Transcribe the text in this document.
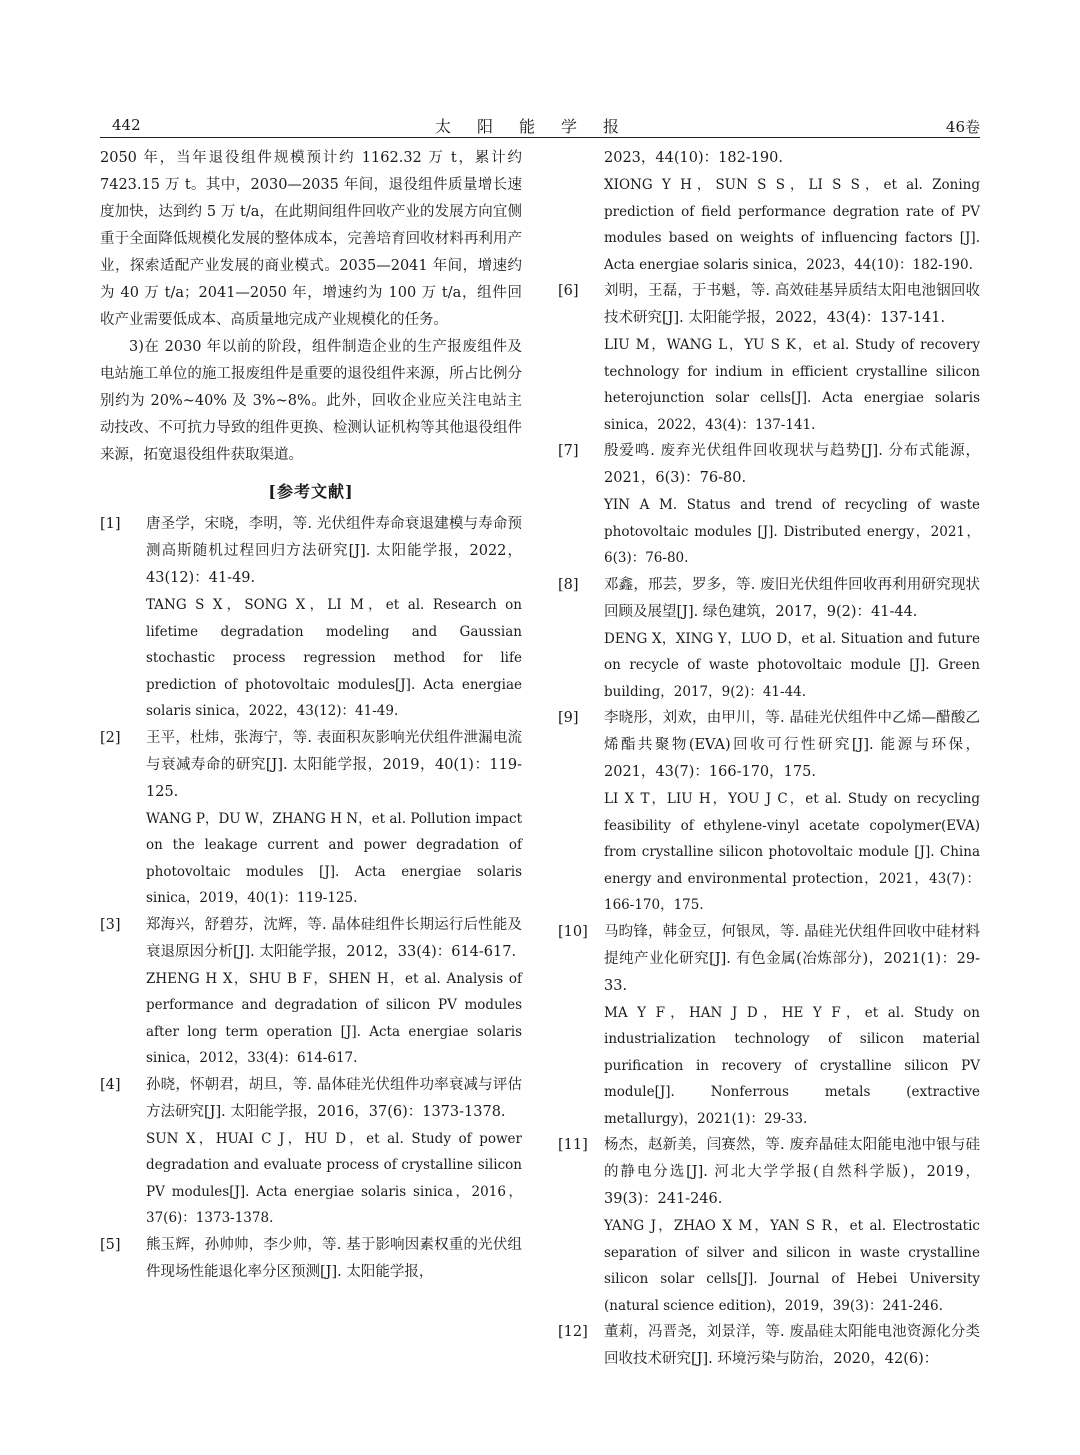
442	太阳能学报	46卷

2050 年，当年退役组件规模预计约 1162.32 万 t，累计约 7423.15 万 t。其中，2030—2035 年间，退役组件质量增长速度加快，达到约 5 万 t/a，在此期间组件回收产业的发展方向宜侧重于全面降低规模化发展的整体成本，完善培育回收材料再利用产业，探索适配产业发展的商业模式。2035—2041 年间，增速约为 40 万 t/a；2041—2050 年，增速约为 100 万 t/a，组件回收产业需要低成本、高质量地完成产业规模化的任务。

3)在 2030 年以前的阶段，组件制造企业的生产报废组件及电站施工单位的施工报废组件是重要的退役组件来源，所占比例分别约为 20%~40% 及 3%~8%。此外，回收企业应关注电站主动技改、不可抗力导致的组件更换、检测认证机构等其他退役组件来源，拓宽退役组件获取渠道。

[参考文献]
[1] 唐圣学，宋晓，李明，等. 光伏组件寿命衰退建模与寿命预测高斯随机过程回归方法研究[J]. 太阳能学报，2022，43(12)：41-49.

TANG S X，SONG X，LI M，et al. Research on lifetime degradation modeling and Gaussian stochastic process regression method for life prediction of photovoltaic modules[J]. Acta energiae solaris sinica，2022，43(12)：41-49.

[2] 王平，杜炜，张海宁，等. 表面积灰影响光伏组件泄漏电流与衰减寿命的研究[J]. 太阳能学报，2019，40(1)：119-125.

WANG P，DU W，ZHANG H N，et al. Pollution impact on the leakage current and power degradation of photovoltaic modules [J]. Acta energiae solaris sinica，2019，40(1)：119-125.

[3] 郑海兴，舒碧芬，沈辉，等. 晶体硅组件长期运行后性能及衰退原因分析[J]. 太阳能学报，2012，33(4)：614-617.

ZHENG H X，SHU B F，SHEN H，et al. Analysis of performance and degradation of silicon PV modules after long term operation [J]. Acta energiae solaris sinica，2012，33(4)：614-617.

[4] 孙晓，怀朝君，胡旦，等. 晶体硅光伏组件功率衰减与评估方法研究[J]. 太阳能学报，2016，37(6)：1373-1378.

SUN X，HUAI C J，HU D，et al. Study of power degradation and evaluate process of crystalline silicon PV modules[J]. Acta energiae solaris sinica，2016，37(6)：1373-1378.

[5] 熊玉辉，孙帅帅，李少帅，等. 基于影响因素权重的光伏组件现场性能退化率分区预测[J]. 太阳能学报，

2023，44(10)：182-190.

XIONG Y H，SUN S S，LI S S，et al. Zoning prediction of field performance degration rate of PV modules based on weights of influencing factors [J]. Acta energiae solaris sinica，2023，44(10)：182-190.

[6] 刘明，王磊，于书魁，等. 高效硅基异质结太阳电池铟回收技术研究[J]. 太阳能学报，2022，43(4)：137-141.

LIU M，WANG L，YU S K，et al. Study of recovery technology for indium in efficient crystalline silicon heterojunction solar cells[J]. Acta energiae solaris sinica，2022，43(4)：137-141.

[7] 殷爱鸣. 废弃光伏组件回收现状与趋势[J]. 分布式能源，2021，6(3)：76-80.

YIN A M. Status and trend of recycling of waste photovoltaic modules [J]. Distributed energy，2021，6(3)：76-80.

[8] 邓鑫，邢芸，罗多，等. 废旧光伏组件回收再利用研究现状回顾及展望[J]. 绿色建筑，2017，9(2)：41-44.

DENG X，XING Y，LUO D，et al. Situation and future on recycle of waste photovoltaic module [J]. Green building，2017，9(2)：41-44.

[9] 李晓彤，刘欢，由甲川，等. 晶硅光伏组件中乙烯—醋酸乙烯酯共聚物(EVA)回收可行性研究[J]. 能源与环保，2021，43(7)：166-170，175.

LI X T，LIU H，YOU J C，et al. Study on recycling feasibility of ethylene-vinyl acetate copolymer(EVA) from crystalline silicon photovoltaic module [J]. China energy and environmental protection，2021，43(7)：166-170，175.

[10] 马昀锋，韩金豆，何银凤，等. 晶硅光伏组件回收中硅材料提纯产业化研究[J]. 有色金属(冶炼部分)，2021(1)：29-33.

MA Y F，HAN J D，HE Y F，et al. Study on industrialization technology of silicon material purification in recovery of crystalline silicon PV module[J]. Nonferrous metals (extractive metallurgy)，2021(1)：29-33.

[11] 杨杰，赵新美，闫赛然，等. 废弃晶硅太阳能电池中银与硅的静电分选[J]. 河北大学学报(自然科学版)，2019，39(3)：241-246.

YANG J，ZHAO X M，YAN S R，et al. Electrostatic separation of silver and silicon in waste crystalline silicon solar cells[J]. Journal of Hebei University (natural science edition)，2019，39(3)：241-246.

[12] 董莉，冯晋尧，刘景洋，等. 废晶硅太阳能电池资源化分类回收技术研究[J]. 环境污染与防治，2020，42(6)：
